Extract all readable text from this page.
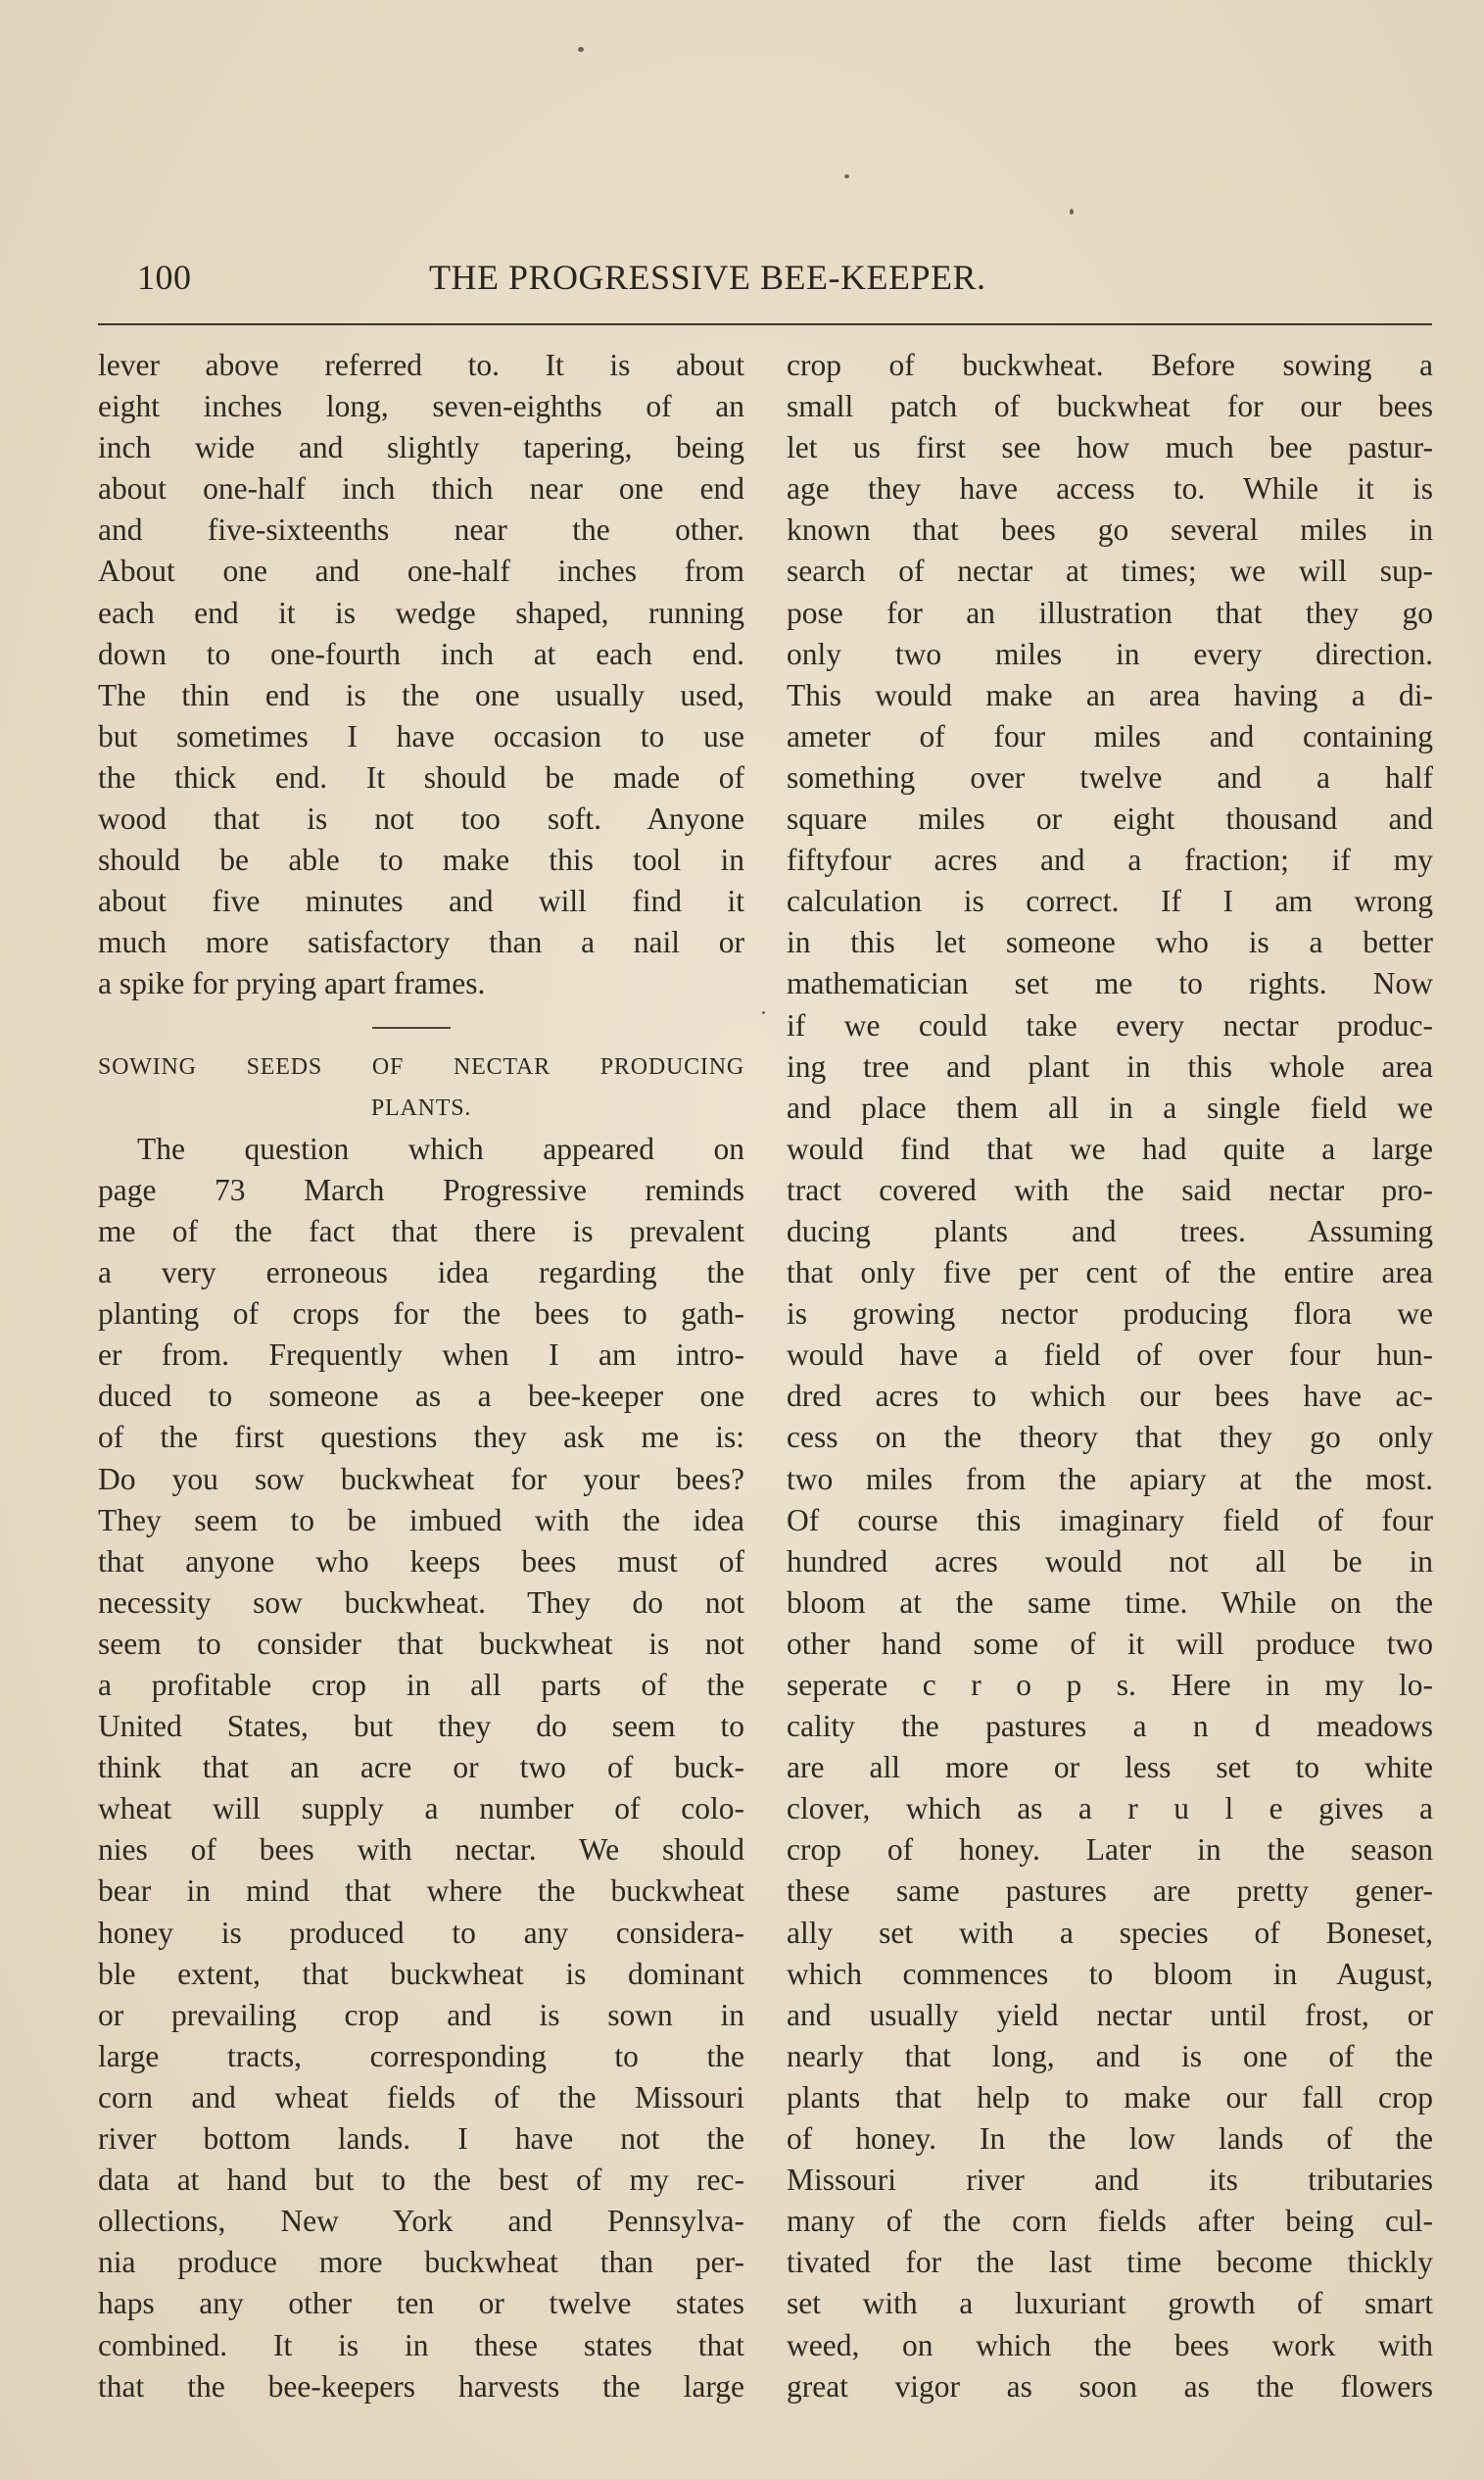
100	THE PROGRESSIVE BEE-KEEPER.
lever above referred to. It is about
eight inches long, seven-eighths of an
inch wide and slightly tapering, being
about one-half inch thich near one end
and five-sixteenths near the other.
About one and one-half inches from
each end it is wedge shaped, running
down to one-fourth inch at each end.
The thin end is the one usually used,
but sometimes I have occasion to use
the thick end. It should be made of
wood that is not too soft. Anyone
should be able to make this tool in
about five minutes and will find it
much more satisfactory than a nail or
a spike for prying apart frames.
SOWING SEEDS OF NECTAR PRODUCING
PLANTS.
The question which appeared on
page 73 March Progressive reminds
me of the fact that there is prevalent
a very erroneous idea regarding the
planting of crops for the bees to gath-
er from. Frequently when I am intro-
duced to someone as a bee-keeper one
of the first questions they ask me is:
Do you sow buckwheat for your bees?
They seem to be imbued with the idea
that anyone who keeps bees must of
necessity sow buckwheat. They do not
seem to consider that buckwheat is not
a profitable crop in all parts of the
United States, but they do seem to
think that an acre or two of buck-
wheat will supply a number of colo-
nies of bees with nectar. We should
bear in mind that where the buckwheat
honey is produced to any considera-
ble extent, that buckwheat is dominant
or prevailing crop and is sown in
large tracts, corresponding to the
corn and wheat fields of the Missouri
river bottom lands. I have not the
data at hand but to the best of my rec-
ollections, New York and Pennsylva-
nia produce more buckwheat than per-
haps any other ten or twelve states
combined. It is in these states that
that the bee-keepers harvests the large
crop of buckwheat. Before sowing a
small patch of buckwheat for our bees
let us first see how much bee pastur-
age they have access to. While it is
known that bees go several miles in
search of nectar at times; we will sup-
pose for an illustration that they go
only two miles in every direction.
This would make an area having a di-
ameter of four miles and containing
something over twelve and a half
square miles or eight thousand and
fiftyfour acres and a fraction; if my
calculation is correct. If I am wrong
in this let someone who is a better
mathematician set me to rights. Now
if we could take every nectar produc-
ing tree and plant in this whole area
and place them all in a single field we
would find that we had quite a large
tract covered with the said nectar pro-
ducing plants and trees. Assuming
that only five per cent of the entire area
is growing nector producing flora we
would have a field of over four hun-
dred acres to which our bees have ac-
cess on the theory that they go only
two miles from the apiary at the most.
Of course this imaginary field of four
hundred acres would not all be in
bloom at the same time. While on the
other hand some of it will produce two
seperate c r o p s. Here in my lo-
cality the pastures a n d meadows
are all more or less set to white
clover, which as a r u l e gives a
crop of honey. Later in the season
these same pastures are pretty gener-
ally set with a species of Boneset,
which commences to bloom in August,
and usually yield nectar until frost, or
nearly that long, and is one of the
plants that help to make our fall crop
of honey. In the low lands of the
Missouri river and its tributaries
many of the corn fields after being cul-
tivated for the last time become thickly
set with a luxuriant growth of smart
weed, on which the bees work with
great vigor as soon as the flowers
